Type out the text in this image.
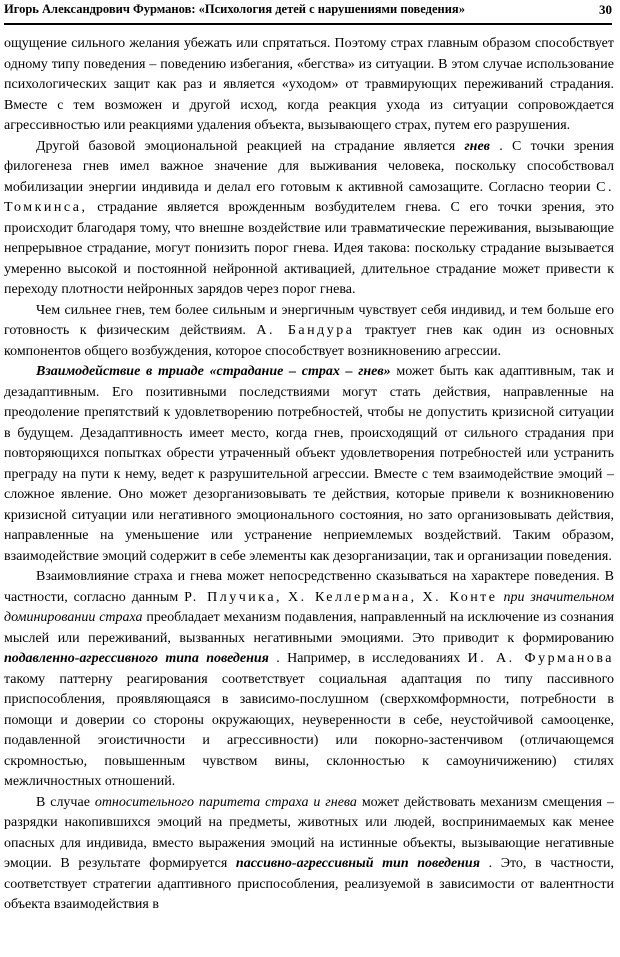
Игорь Александрович Фурманов: «Психология детей с нарушениями поведения»	30

ощущение сильного желания убежать или спрятаться. Поэтому страх главным образом способствует одному типу поведения – поведению избегания, «бегства» из ситуации. В этом случае использование психологических защит как раз и является «уходом» от травмирующих переживаний страдания. Вместе с тем возможен и другой исход, когда реакция ухода из ситуации сопровождается агрессивностью или реакциями удаления объекта, вызывающего страх, путем его разрушения.

Другой базовой эмоциональной реакцией на страдание является гнев . С точки зрения филогенеза гнев имел важное значение для выживания человека, поскольку способствовал мобилизации энергии индивида и делал его готовым к активной самозащите. Согласно теории С. Томкинса, страдание является врожденным возбудителем гнева. С его точки зрения, это происходит благодаря тому, что внешне воздействие или травматические переживания, вызывающие непрерывное страдание, могут понизить порог гнева. Идея такова: поскольку страдание вызывается умеренно высокой и постоянной нейронной активацией, длительное страдание может привести к переходу плотности нейронных зарядов через порог гнева.

Чем сильнее гнев, тем более сильным и энергичным чувствует себя индивид, и тем больше его готовность к физическим действиям. А. Бандура трактует гнев как один из основных компонентов общего возбуждения, которое способствует возникновению агрессии.

Взаимодействие в триаде «страдание – страх – гнев» может быть как адаптивным, так и дезадаптивным. Его позитивными последствиями могут стать действия, направленные на преодоление препятствий к удовлетворению потребностей, чтобы не допустить кризисной ситуации в будущем. Дезадаптивность имеет место, когда гнев, происходящий от сильного страдания при повторяющихся попытках обрести утраченный объект удовлетворения потребностей или устранить преграду на пути к нему, ведет к разрушительной агрессии. Вместе с тем взаимодействие эмоций – сложное явление. Оно может дезорганизовывать те действия, которые привели к возникновению кризисной ситуации или негативного эмоционального состояния, но зато организовывать действия, направленные на уменьшение или устранение неприемлемых воздействий. Таким образом, взаимодействие эмоций содержит в себе элементы как дезорганизации, так и организации поведения.

Взаимовлияние страха и гнева может непосредственно сказываться на характере поведения. В частности, согласно данным Р. Плучика, Х. Келлермана, Х. Конте при значительном доминировании страха преобладает механизм подавления, направленный на исключение из сознания мыслей или переживаний, вызванных негативными эмоциями. Это приводит к формированию подавленно-агрессивного типа поведения . Например, в исследованиях И. А. Фурманова такому паттерну реагирования соответствует социальная адаптация по типу пассивного приспособления, проявляющаяся в зависимо-послушном (сверхкомформности, потребности в помощи и доверии со стороны окружающих, неуверенности в себе, неустойчивой самооценке, подавленной эгоистичности и агрессивности) или покорно-застенчивом (отличающемся скромностью, повышенным чувством вины, склонностью к самоуничижению) стилях межличностных отношений.

В случае относительного паритета страха и гнева может действовать механизм смещения – разрядки накопившихся эмоций на предметы, животных или людей, воспринимаемых как менее опасных для индивида, вместо выражения эмоций на истинные объекты, вызывающие негативные эмоции. В результате формируется пассивно-агрессивный тип поведения . Это, в частности, соответствует стратегии адаптивного приспособления, реализуемой в зависимости от валентности объекта взаимодействия в
